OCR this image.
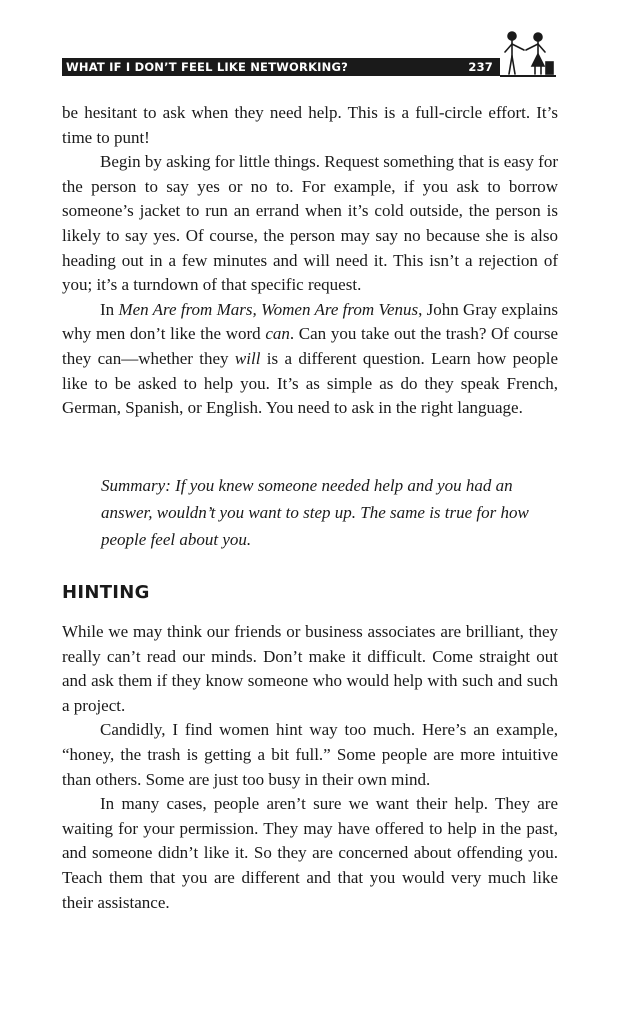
WHAT IF I DON’T FEEL LIKE NETWORKING?	237

be hesitant to ask when they need help. This is a full-circle effort. It’s time to punt!

Begin by asking for little things. Request something that is easy for the person to say yes or no to. For example, if you ask to borrow someone’s jacket to run an errand when it’s cold outside, the person is likely to say yes. Of course, the person may say no because she is also heading out in a few minutes and will need it. This isn’t a rejection of you; it’s a turndown of that specific request.

In Men Are from Mars, Women Are from Venus, John Gray explains why men don’t like the word can. Can you take out the trash? Of course they can—whether they will is a different question. Learn how people like to be asked to help you. It’s as simple as do they speak French, German, Spanish, or English. You need to ask in the right language.

Summary: If you knew someone needed help and you had an answer, wouldn’t you want to step up. The same is true for how people feel about you.

HINTING

While we may think our friends or business associates are brilliant, they really can’t read our minds. Don’t make it difficult. Come straight out and ask them if they know someone who would help with such and such a project.

Candidly, I find women hint way too much. Here’s an example, “honey, the trash is getting a bit full.” Some people are more intuitive than others. Some are just too busy in their own mind.

In many cases, people aren’t sure we want their help. They are waiting for your permission. They may have offered to help in the past, and someone didn’t like it. So they are concerned about offending you. Teach them that you are different and that you would very much like their assistance.
